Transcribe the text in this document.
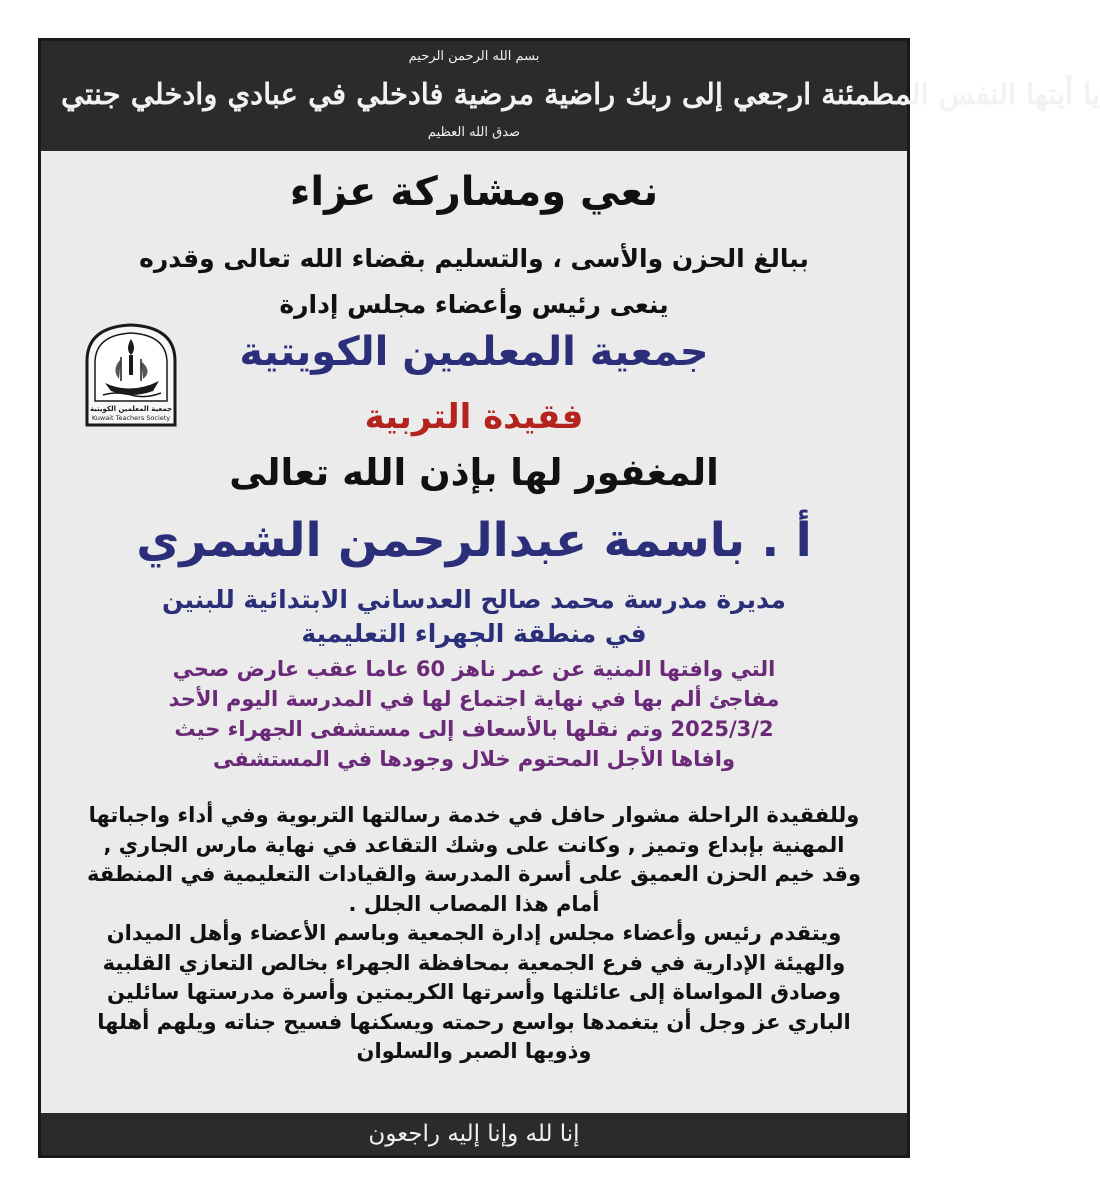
بسم الله الرحمن الرحيم
يا أيتها النفس المطمئنة ارجعي إلى ربك راضية مرضية فادخلي في عبادي وادخلي جنتي
صدق الله العظيم
نعي ومشاركة عزاء
ببالغ الحزن والأسى ، والتسليم بقضاء الله تعالى وقدره
ينعى رئيس وأعضاء مجلس إدارة
جمعية المعلمين الكويتية
جمعية المعلمين الكويتية
Kuwait Teachers Society	فقيدة التربية
المغفور لها بإذن الله تعالى
أ . باسمة عبدالرحمن الشمري
مديرة مدرسة محمد صالح العدساني الابتدائية للبنين
في منطقة الجهراء التعليمية
التي وافتها المنية عن عمر ناهز 60 عاما عقب عارض صحي
مفاجئ ألم بها في نهاية اجتماع لها في المدرسة اليوم الأحد
2025/3/2 وتم نقلها بالأسعاف إلى مستشفى الجهراء حيث
وافاها الأجل المحتوم خلال وجودها في المستشفى

وللفقيدة الراحلة مشوار حافل في خدمة رسالتها التربوية وفي أداء واجباتها المهنية بإبداع وتميز , وكانت على وشك التقاعد في نهاية مارس الجاري , وقد خيم الحزن العميق على أسرة المدرسة والقيادات التعليمية في المنطقة أمام هذا المصاب الجلل .

ويتقدم رئيس وأعضاء مجلس إدارة الجمعية وباسم الأعضاء وأهل الميدان والهيئة الإدارية في فرع الجمعية بمحافظة الجهراء بخالص التعازي القلبية وصادق المواساة إلى عائلتها وأسرتها الكريمتين وأسرة مدرستها سائلين الباري عز وجل أن يتغمدها بواسع رحمته ويسكنها فسيح جناته ويلهم أهلها وذويها الصبر والسلوان

إنا لله وإنا إليه راجعون
